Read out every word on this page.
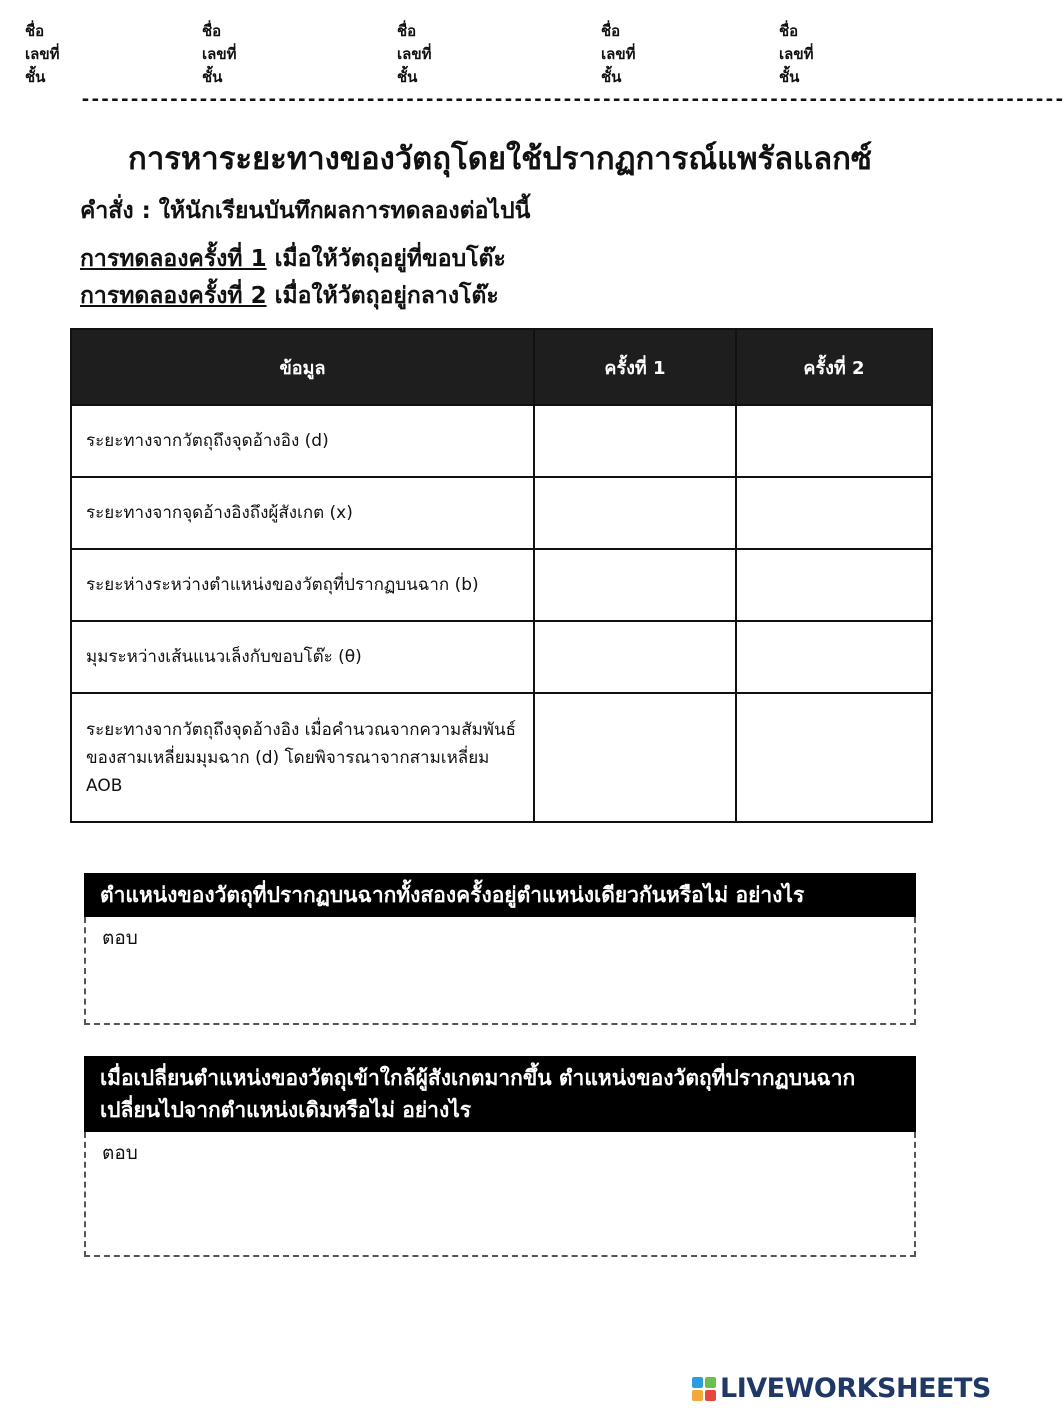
ชื่อ
เลขที่
ชั้น
ชื่อ
เลขที่
ชั้น
ชื่อ
เลขที่
ชั้น
ชื่อ
เลขที่
ชั้น
ชื่อ
เลขที่
ชั้น
----------------------------------------------------------------------------------------------------
การหาระยะทางของวัตถุโดยใช้ปรากฏการณ์แพรัลแลกซ์
คำสั่ง : ให้นักเรียนบันทึกผลการทดลองต่อไปนี้
การทดลองครั้งที่ 1 เมื่อให้วัตถุอยู่ที่ขอบโต๊ะ
การทดลองครั้งที่ 2 เมื่อให้วัตถุอยู่กลางโต๊ะ
ข้อมูล	ครั้งที่ 1	ครั้งที่ 2
ระยะทางจากวัตถุถึงจุดอ้างอิง (d)		
ระยะทางจากจุดอ้างอิงถึงผู้สังเกต (x)		
ระยะห่างระหว่างตำแหน่งของวัตถุที่ปรากฏบนฉาก (b)		
มุมระหว่างเส้นแนวเล็งกับขอบโต๊ะ (θ)		
ระยะทางจากวัตถุถึงจุดอ้างอิง เมื่อคำนวณจากความสัมพันธ์ของสามเหลี่ยมมุมฉาก (d) โดยพิจารณาจากสามเหลี่ยม AOB		
ตำแหน่งของวัตถุที่ปรากฏบนฉากทั้งสองครั้งอยู่ตำแหน่งเดียวกันหรือไม่ อย่างไร
ตอบ
เมื่อเปลี่ยนตำแหน่งของวัตถุเข้าใกล้ผู้สังเกตมากขึ้น ตำแหน่งของวัตถุที่ปรากฏบนฉากเปลี่ยนไปจากตำแหน่งเดิมหรือไม่ อย่างไร
ตอบ
LIVEWORKSHEETS
